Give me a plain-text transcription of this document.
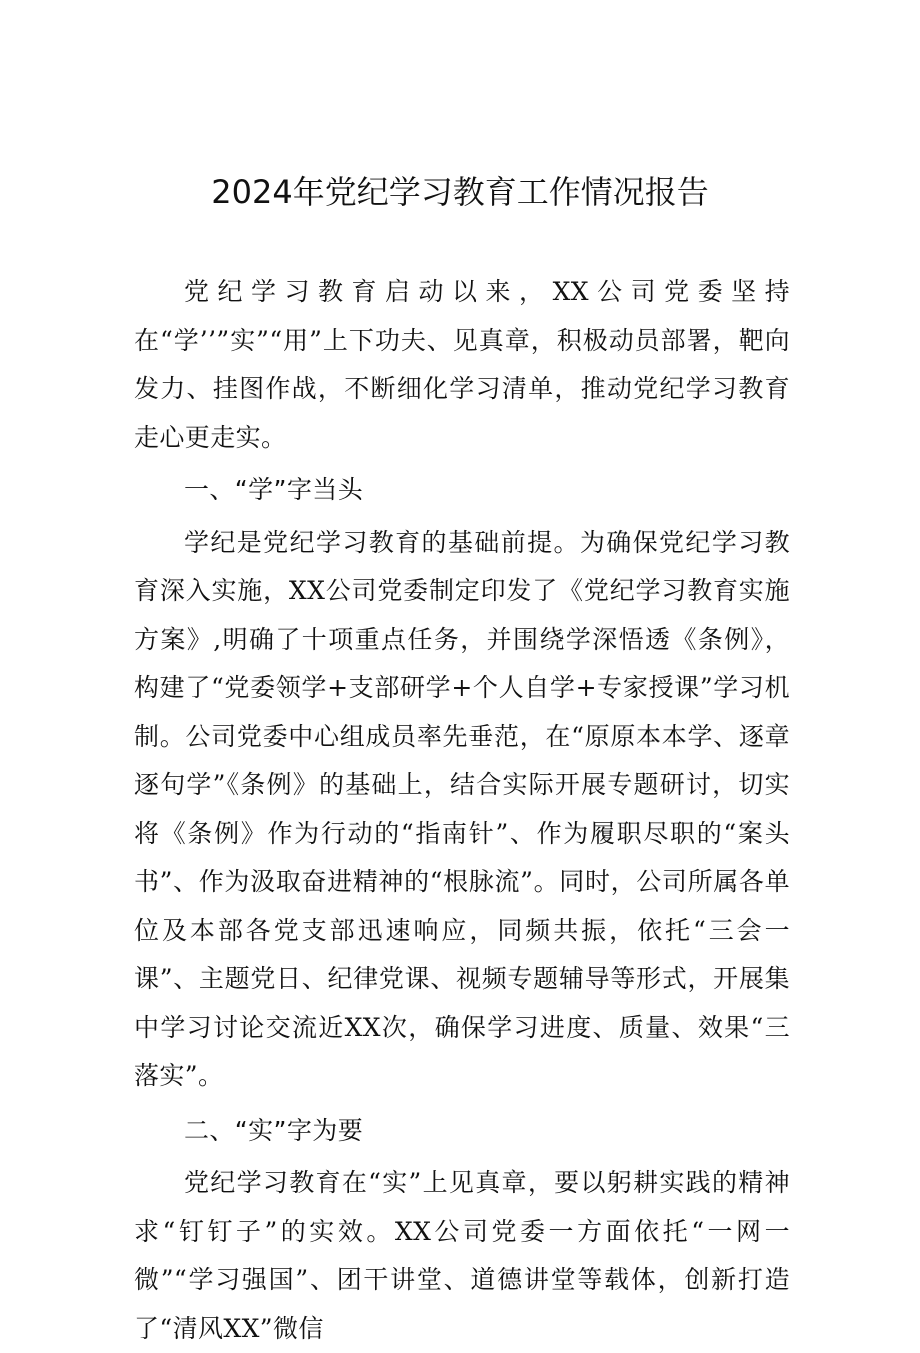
2024年党纪学习教育工作情况报告

党纪学习教育启动以来，XX公司党委坚持在“学’’”实”“用”上下功夫、见真章，积极动员部署，靶向发力、挂图作战，不断细化学习清单，推动党纪学习教育走心更走实。

一、“学”字当头

学纪是党纪学习教育的基础前提。为确保党纪学习教育深入实施，XX公司党委制定印发了《党纪学习教育实施方案》,明确了十项重点任务，并围绕学深悟透《条例》，构建了“党委领学+支部研学+个人自学+专家授课”学习机制。公司党委中心组成员率先垂范，在“原原本本学、逐章逐句学”《条例》的基础上，结合实际开展专题研讨，切实将《条例》作为行动的“指南针”、作为履职尽职的“案头书”、作为汲取奋进精神的“根脉流”。同时，公司所属各单位及本部各党支部迅速响应，同频共振，依托“三会一课”、主题党日、纪律党课、视频专题辅导等形式，开展集中学习讨论交流近XX次，确保学习进度、质量、效果“三落实”。

二、“实”字为要

党纪学习教育在“实”上见真章，要以躬耕实践的精神求“钉钉子”的实效。XX公司党委一方面依托“一网一微”“学习强国”、团干讲堂、道德讲堂等载体，创新打造了“清风XX”微信
